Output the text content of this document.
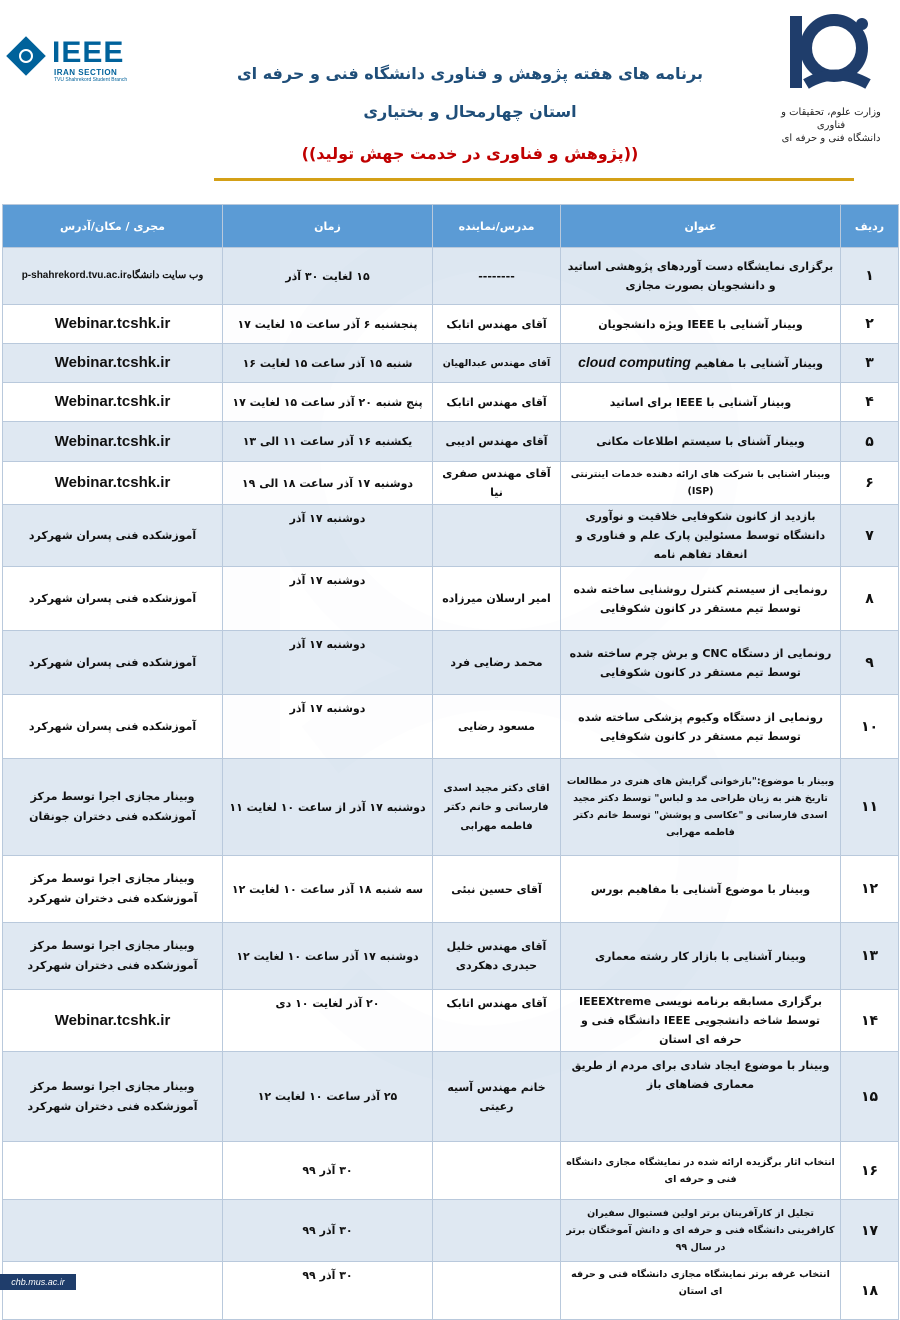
IEEE
IRAN SECTION
TVU Shahrekord Student Branch
وزارت علوم، تحقیقات و فناوری
دانشگاه فنی و حرفه ای
برنامه های هفته پژوهش و فناوری دانشگاه فنی و حرفه ای
استان چهارمحال و بختیاری
((پژوهش و فناوری در خدمت جهش تولید))
ردیف	عنوان	مدرس/نماینده	زمان	مجری / مکان/آدرس
۱	برگزاری نمایشگاه دست آوردهای پژوهشی اساتید و دانشجویان بصورت مجازی	--------	۱۵ لغایت ۳۰ آذر	وب سایت دانشگاهp-shahrekord.tvu.ac.ir
۲	وبینار آشنایی با IEEE ویژه دانشجویان	آقای مهندس اتابک	پنجشنبه ۶ آذر ساعت ۱۵ لغایت ۱۷	Webinar.tcshk.ir
۳	وبینار آشنایی با مفاهیم cloud computing	آقای مهندس عبدالهیان	شنبه ۱۵ آذر ساعت ۱۵ لغایت ۱۶	Webinar.tcshk.ir
۴	وبینار آشنایی با IEEE برای اساتید	آقای مهندس اتابک	پنج شنبه ۲۰ آذر ساعت ۱۵ لغایت ۱۷	Webinar.tcshk.ir
۵	وبینار آشنای با سیستم اطلاعات مکانی	آقای مهندس ادیبی	یکشنبه ۱۶ آذر ساعت ۱۱ الی ۱۳	Webinar.tcshk.ir
۶	وبینار اشنایی با شرکت های ارائه دهنده خدمات اینترنتی (ISP)	آقای مهندس صفری نیا	دوشنبه ۱۷ آذر ساعت ۱۸ الی ۱۹	Webinar.tcshk.ir
۷	بازدید از کانون شکوفایی خلاقیت و نوآوری دانشگاه توسط مسئولین پارک علم و فناوری و انعقاد تفاهم نامه		دوشنبه ۱۷ آذر	آموزشکده فنی پسران شهرکرد
۸	رونمایی از سیستم کنترل روشنایی ساخته شده توسط تیم مستقر در کانون شکوفایی	امیر ارسلان میرزاده	دوشنبه ۱۷ آذر	آموزشکده فنی پسران شهرکرد
۹	رونمایی از دستگاه CNC و برش چرم ساخته شده توسط تیم مستقر در کانون شکوفایی	محمد رضایی فرد	دوشنبه ۱۷ آذر	آموزشکده فنی پسران شهرکرد
۱۰	رونمایی از دستگاه وکیوم پزشکی ساخته شده توسط تیم مستقر در کانون شکوفایی	مسعود رضایی	دوشنبه ۱۷ آذر	آموزشکده فنی پسران شهرکرد
۱۱	وبینار با موضوع:"بازخوانی گرایش های هنری در مطالعات تاریخ هنر به زبان طراحی مد و لباس" توسط دکتر مجید اسدی فارسانی و "عکاسی و پوشش" توسط خانم دکتر فاطمه مهرابی	اقای دکتر مجید اسدی فارسانی و خانم دکتر فاطمه مهرابی	دوشنبه ۱۷ آذر از ساعت ۱۰ لغایت ۱۱	وبینار مجازی اجرا توسط مرکز آموزشکده فنی دختران جونقان
۱۲	وبینار با موضوع آشنایی با مفاهیم بورس	آقای حسین نبئی	سه شنبه ۱۸ آذر ساعت ۱۰ لغایت ۱۲	وبینار مجازی اجرا توسط مرکز آموزشکده فنی دختران شهرکرد
۱۳	وبینار آشنایی با بازار کار رشته معماری	آقای مهندس خلیل حیدری دهکردی	دوشنبه ۱۷ آذر ساعت ۱۰ لغایت ۱۲	وبینار مجازی اجرا توسط مرکز آموزشکده فنی دختران شهرکرد
۱۴	برگزاری مسابقه برنامه نویسی IEEEXtreme توسط شاخه دانشجویی IEEE دانشگاه فنی و حرفه ای استان	آقای مهندس اتابک	۲۰ آذر لغایت ۱۰ دی	Webinar.tcshk.ir
۱۵	وبینار با موضوع ایجاد شادی برای مردم از طریق معماری فضاهای باز	خانم مهندس آسیه رعیتی	۲۵ آذر ساعت ۱۰ لغایت ۱۲	وبینار مجازی اجرا توسط مرکز آموزشکده فنی دختران شهرکرد
۱۶	انتخاب اثار برگزیده ارائه شده در نمایشگاه مجازی دانشگاه فنی و حرفه ای		۳۰ آذر ۹۹	
۱۷	تجلیل از کارآفرینان برتر اولین فستیوال سفیران کارافرینی دانشگاه فنی و حرفه ای و دانش آموختگان برتر در سال ۹۹		۳۰ آذر ۹۹	
۱۸	انتخاب غرفه برتر نمایشگاه مجازی دانشگاه فنی و حرفه ای استان		۳۰ آذر ۹۹	
chb.mus.ac.ir
